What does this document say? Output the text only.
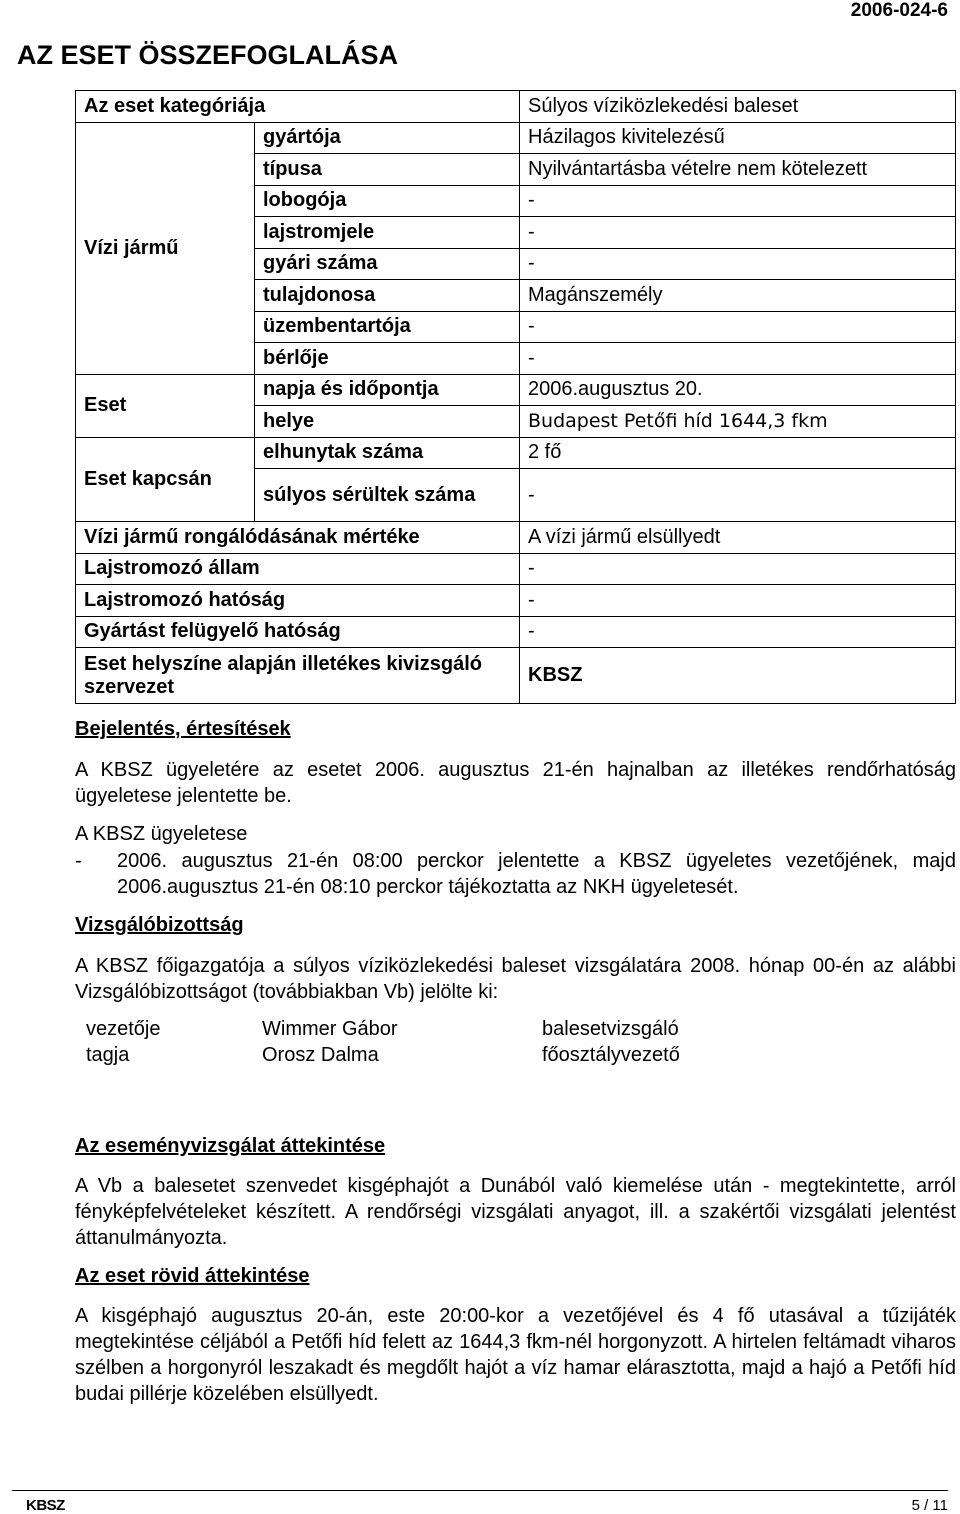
2006-024-6
AZ ESET ÖSSZEFOGLALÁSA
Az eset kategóriája		Súlyos víziközlekedési baleset
Vízi jármű	gyártója	Házilagos kivitelezésű
	típusa	Nyilvántartásba vételre nem kötelezett
	lobogója	-
	lajstromjele	-
	gyári száma	-
	tulajdonosa	Magánszemély
	üzembentartója	-
	bérlője	-
Eset	napja és időpontja	2006.augusztus 20.
	helye	Budapest Petőfi híd 1644,3 fkm
Eset kapcsán	elhunytak száma	2 fő
	súlyos sérültek száma	-
Vízi jármű rongálódásának mértéke		A vízi jármű elsüllyedt
Lajstromozó állam		-
Lajstromozó hatóság		-
Gyártást felügyelő hatóság		-
Eset helyszíne alapján illetékes kivizsgáló szervezet		KBSZ
Bejelentés, értesítések
A KBSZ ügyeletére az esetet 2006. augusztus 21-én hajnalban az illetékes rendőrhatóság ügyeletese jelentette be.
A KBSZ ügyeletese
- 2006. augusztus 21-én 08:00 perckor jelentette a KBSZ ügyeletes vezetőjének, majd 2006.augusztus 21-én 08:10 perckor tájékoztatta az NKH ügyeletesét.
Vizsgálóbizottság
A KBSZ főigazgatója a súlyos víziközlekedési baleset vizsgálatára 2008. hónap 00-én az alábbi Vizsgálóbizottságot (továbbiakban Vb) jelölte ki:
vezetője	Wimmer Gábor	balesetvizsgáló
tagja	Orosz Dalma	főosztályvezető
Az eseményvizsgálat áttekintése
A Vb a balesetet szenvedet kisgéphajót a Dunából való kiemelése után - megtekintette, arról fényképfelvételeket készített. A rendőrségi vizsgálati anyagot, ill. a szakértői vizsgálati jelentést áttanulmányozta.
Az eset rövid áttekintése
A kisgéphajó augusztus 20-án, este 20:00-kor a vezetőjével és 4 fő utasával a tűzijáték megtekintése céljából a Petőfi híd felett az 1644,3 fkm-nél horgonyzott. A hirtelen feltámadt viharos szélben a horgonyról leszakadt és megdőlt hajót a víz hamar elárasztotta, majd a hajó a Petőfi híd budai pillérje közelében elsüllyedt.
KBSZ	5 / 11
